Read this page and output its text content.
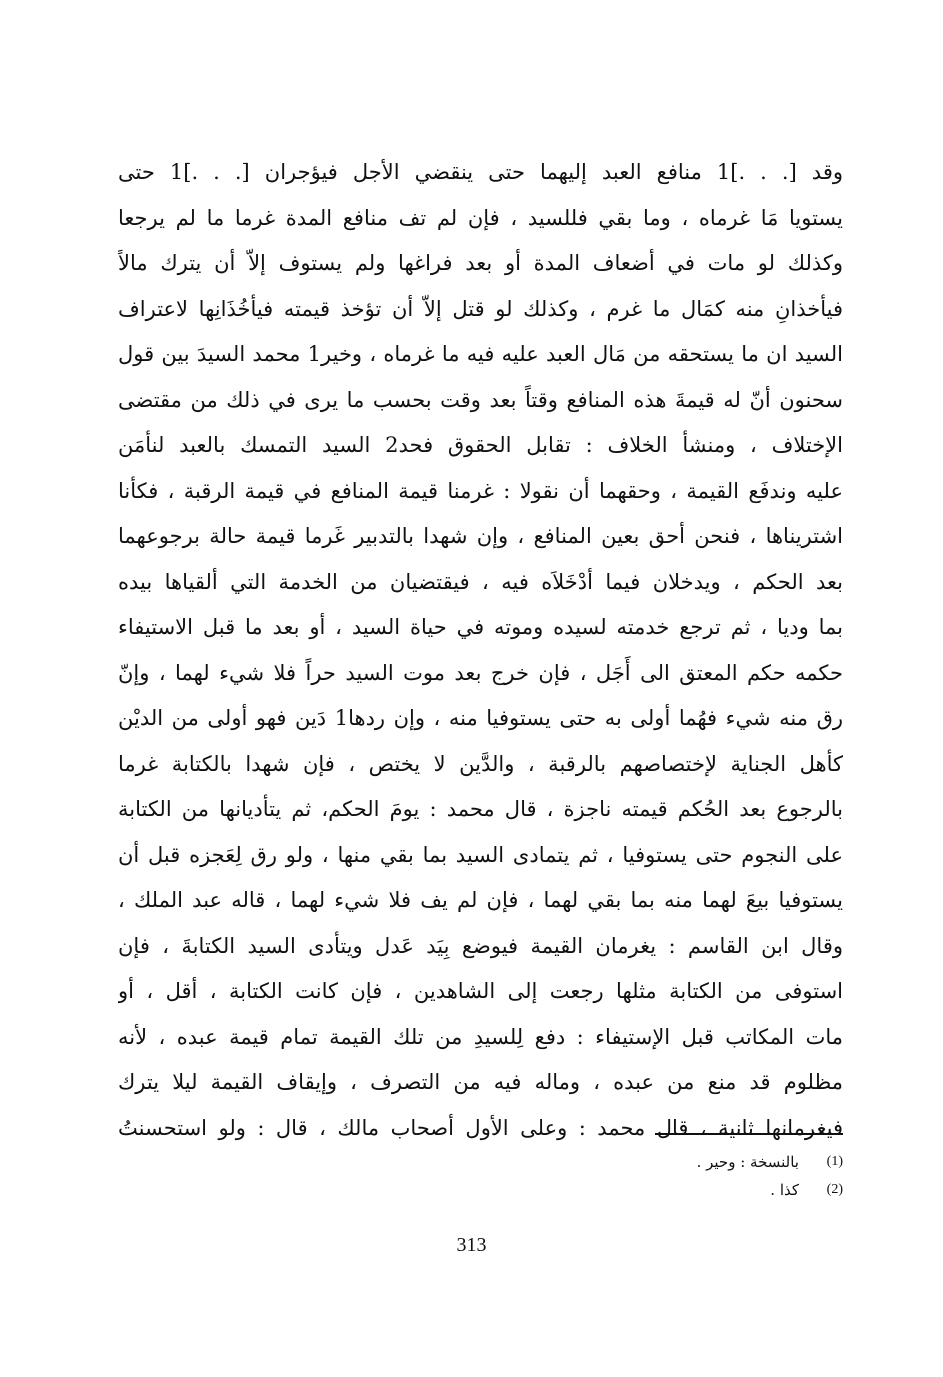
وقد [. . .]1 منافع العبد إليهما حتى ينقضي الأجل فيؤجران [. . .]1 حتى
يستويا مَا غرماه ، وما بقي فللسيد ، فإن لم تف منافع المدة غرما ما لم يرجعا
وكذلك لو مات في أضعاف المدة أو بعد فراغها ولم يستوف إلاّ أن يترك مالاً
فيأخذانِ منه كمَال ما غرم ، وكذلك لو قتل إلاّ أن تؤخذ قيمته فيأخُذَانِها لاعتراف
السيد ان ما يستحقه من مَال العبد عليه فيه ما غرماه ، وخير1 محمد السيدَ بين قول
سحنون أنّ له قيمةَ هذه المنافع وقتاً بعد وقت بحسب ما يرى في ذلك من مقتضى
الإختلاف ، ومنشأ الخلاف : تقابل الحقوق فحد2 السيد التمسك بالعبد لنأمَن
عليه وندفَع القيمة ، وحقهما أن نقولا : غرمنا قيمة المنافع في قيمة الرقبة ، فكأنا
اشتريناها ، فنحن أحق بعين المنافع ، وإن شهدا بالتدبير غَرما قيمة حالة برجوعهما
بعد الحكم ، ويدخلان فيما أدْخَلاَه فيه ، فيقتضيان من الخدمة التي ألقياها بيده
بما وديا ، ثم ترجع خدمته لسيده وموته في حياة السيد ، أو بعد ما قبل الاستيفاء
حكمه حكم المعتق الى أَجَل ، فإن خرج بعد موت السيد حراً فلا شيء لهما ، وإنّ
رق منه شيء فهُما أولى به حتى يستوفيا منه ، وإن ردها1 دَين فهو أولى من الديْن
كأهل الجناية لإختصاصهم بالرقبة ، والدَّين لا يختص ، فإن شهدا بالكتابة غرما
بالرجوع بعد الحُكم قيمته ناجزة ، قال محمد : يومَ الحكم، ثم يتأديانها من الكتابة
على النجوم حتى يستوفيا ، ثم يتمادى السيد بما بقي منها ، ولو رق لِعَجزه قبل أن
يستوفيا بيعَ لهما منه بما بقي لهما ، فإن لم يف فلا شيء لهما ، قاله عبد الملك ،
وقال ابن القاسم : يغرمان القيمة فيوضع بِيَد عَدل ويتأدى السيد الكتابةَ ، فإن
استوفى من الكتابة مثلها رجعت إلى الشاهدين ، فإن كانت الكتابة ، أقل ، أو
مات المكاتب قبل الإستيفاء : دفع لِلسيدِ من تلك القيمة تمام قيمة عبده ، لأنه
مظلوم قد منع من عبده ، وماله فيه من التصرف ، وإيقاف القيمة ليلا يترك
فيغرمانها ثانية ، قال محمد : وعلى الأول أصحاب مالك ، قال : ولو استحسنتُ
(1)
بالنسخة : وحير .
(2)
كذا .
313
